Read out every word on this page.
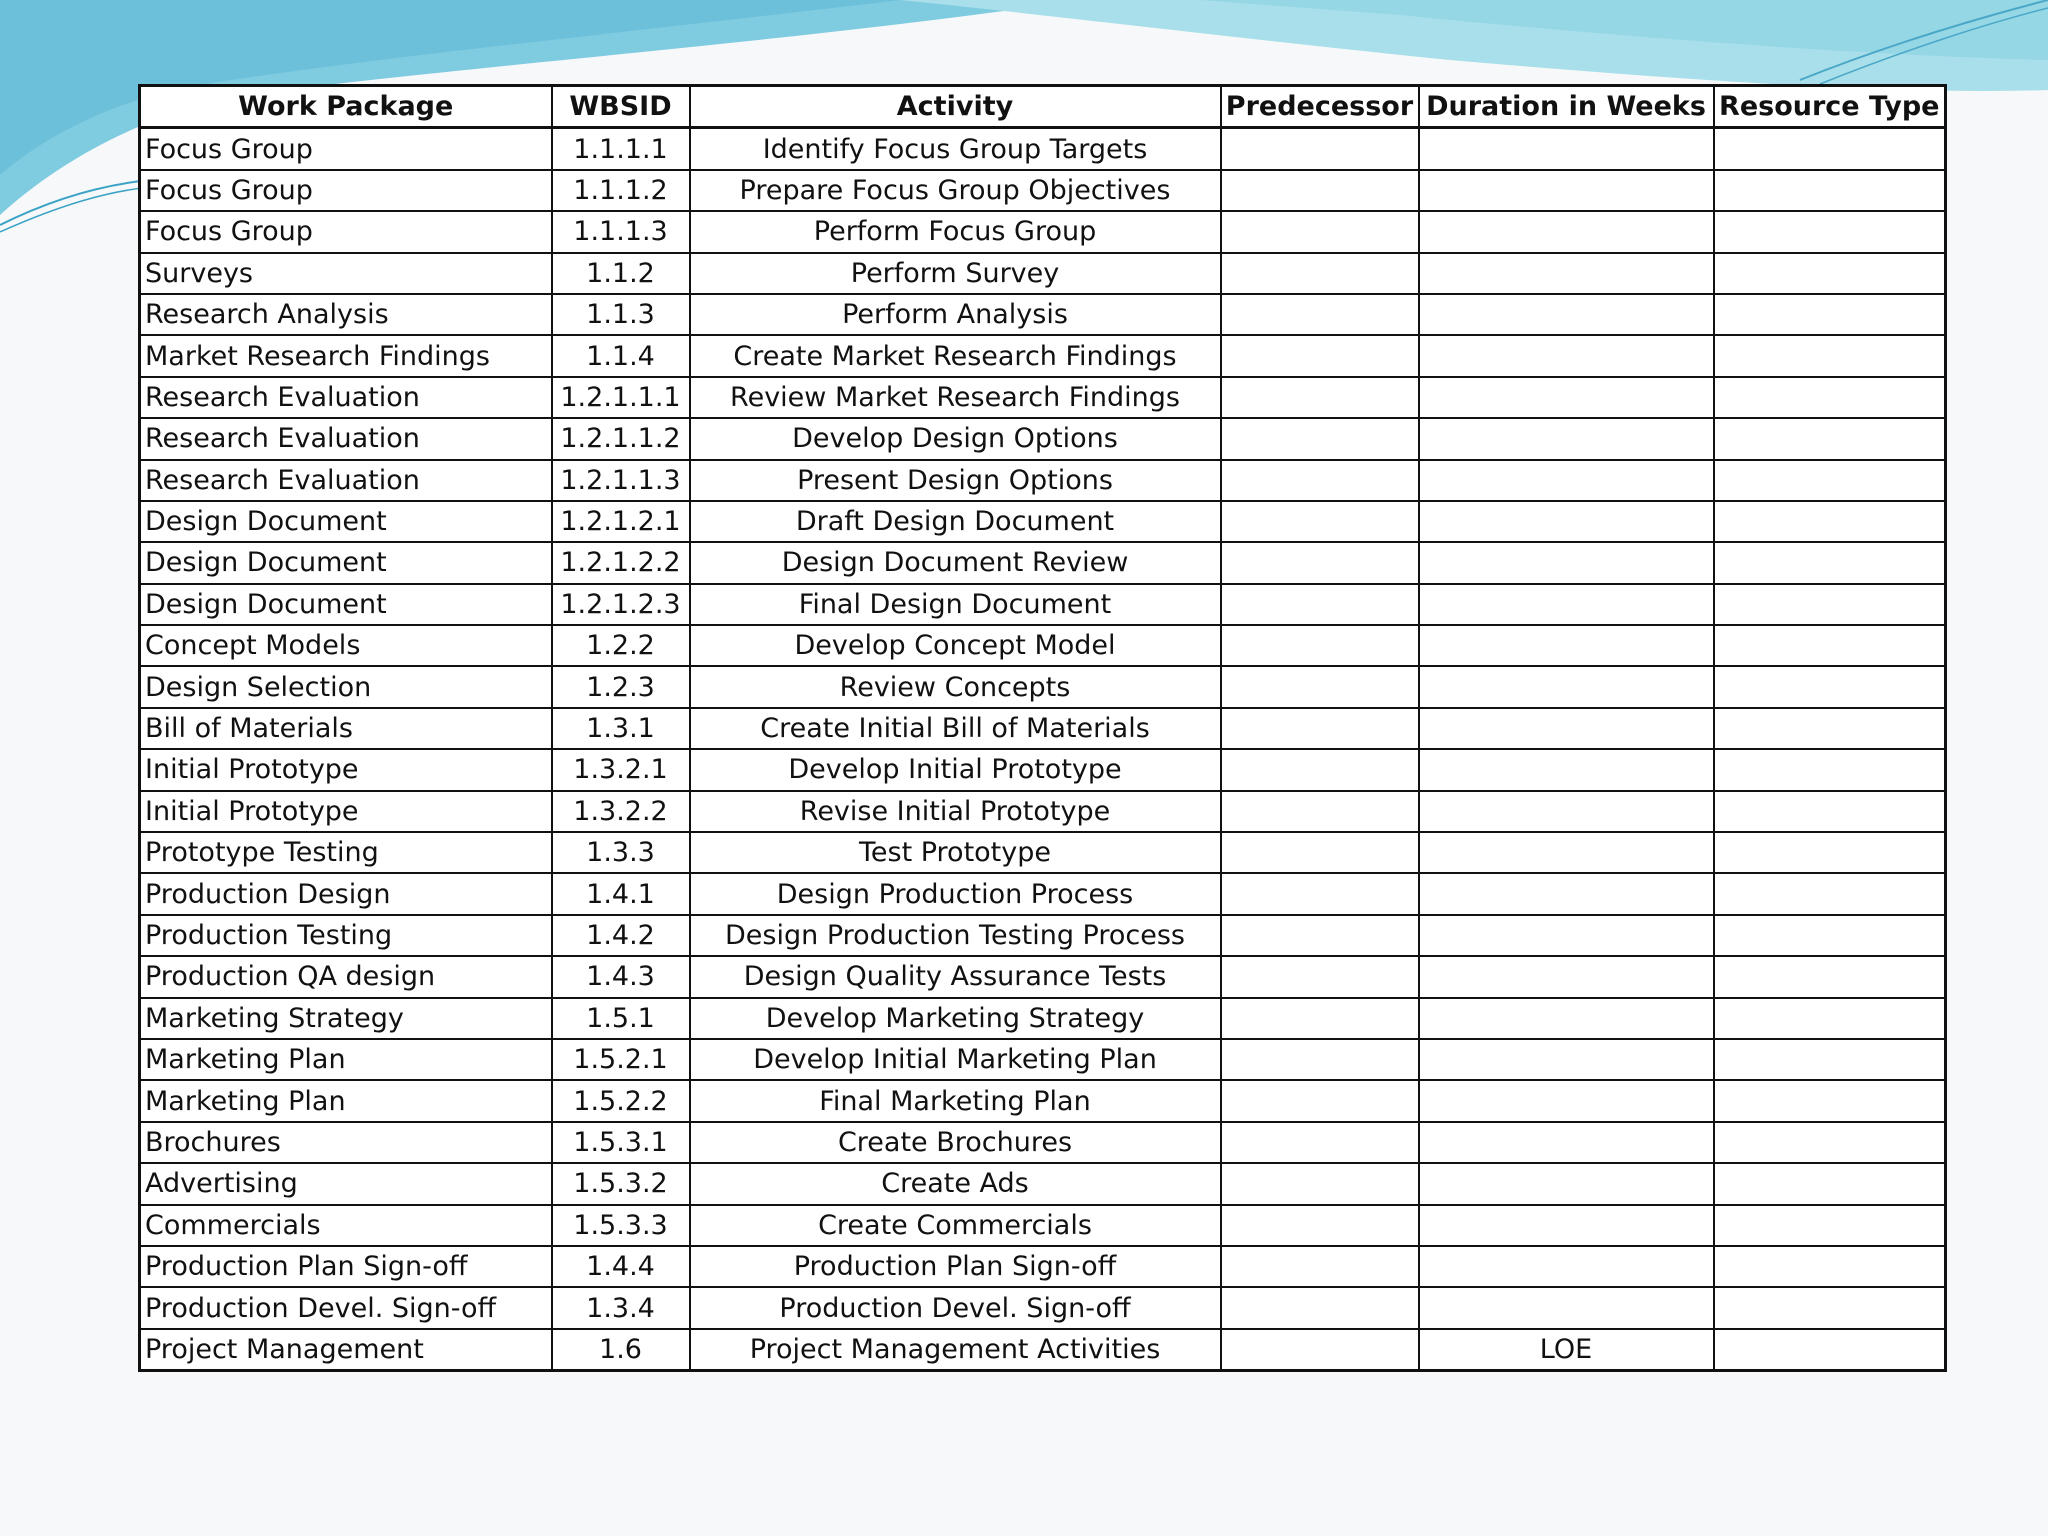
Work Package	WBSID	Activity	Predecessor	Duration in Weeks	Resource Type
Focus Group	1.1.1.1	Identify Focus Group Targets			
Focus Group	1.1.1.2	Prepare Focus Group Objectives			
Focus Group	1.1.1.3	Perform Focus Group			
Surveys	1.1.2	Perform Survey			
Research Analysis	1.1.3	Perform Analysis			
Market Research Findings	1.1.4	Create Market Research Findings			
Research Evaluation	1.2.1.1.1	Review Market Research Findings			
Research Evaluation	1.2.1.1.2	Develop Design Options			
Research Evaluation	1.2.1.1.3	Present Design Options			
Design Document	1.2.1.2.1	Draft Design Document			
Design Document	1.2.1.2.2	Design Document Review			
Design Document	1.2.1.2.3	Final Design Document			
Concept Models	1.2.2	Develop Concept Model			
Design Selection	1.2.3	Review Concepts			
Bill of Materials	1.3.1	Create Initial Bill of Materials			
Initial Prototype	1.3.2.1	Develop Initial Prototype			
Initial Prototype	1.3.2.2	Revise Initial Prototype			
Prototype Testing	1.3.3	Test Prototype			
Production Design	1.4.1	Design Production Process			
Production Testing	1.4.2	Design Production Testing Process			
Production QA design	1.4.3	Design Quality Assurance Tests			
Marketing Strategy	1.5.1	Develop Marketing Strategy			
Marketing Plan	1.5.2.1	Develop Initial Marketing Plan			
Marketing Plan	1.5.2.2	Final Marketing Plan			
Brochures	1.5.3.1	Create Brochures			
Advertising	1.5.3.2	Create Ads			
Commercials	1.5.3.3	Create Commercials			
Production Plan Sign-off	1.4.4	Production Plan Sign-off			
Production Devel. Sign-off	1.3.4	Production Devel. Sign-off			
Project Management	1.6	Project Management Activities		LOE	
